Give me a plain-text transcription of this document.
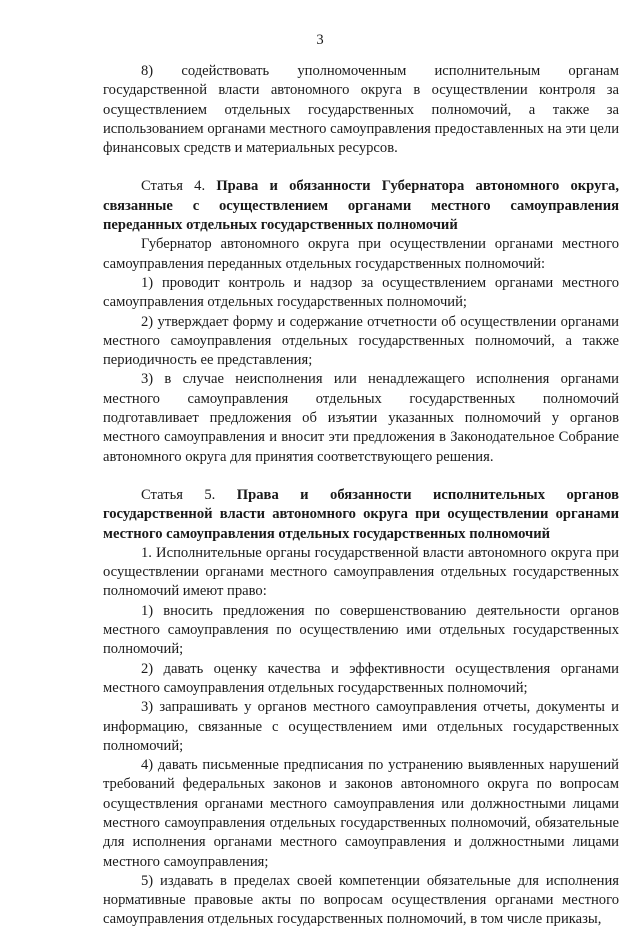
3

8) содействовать уполномоченным исполнительным органам государственной власти автономного округа в осуществлении контроля за осуществлением отдельных государственных полномочий, а также за использованием органами местного самоуправления предоставленных на эти цели финансовых средств и материальных ресурсов.

Статья 4. Права и обязанности Губернатора автономного округа, связанные с осуществлением органами местного самоуправления переданных отдельных государственных полномочий

Губернатор автономного округа при осуществлении органами местного самоуправления переданных отдельных государственных полномочий:

1) проводит контроль и надзор за осуществлением органами местного самоуправления отдельных государственных полномочий;

2) утверждает форму и содержание отчетности об осуществлении органами местного самоуправления отдельных государственных полномочий, а также периодичность ее представления;

3) в случае неисполнения или ненадлежащего исполнения органами местного самоуправления отдельных государственных полномочий подготавливает предложения об изъятии указанных полномочий у органов местного самоуправления и вносит эти предложения в Законодательное Собрание автономного округа для принятия соответствующего решения.

Статья 5. Права и обязанности исполнительных органов государственной власти автономного округа при осуществлении органами местного самоуправления отдельных государственных полномочий

1. Исполнительные органы государственной власти автономного округа при осуществлении органами местного самоуправления отдельных государственных полномочий имеют право:

1) вносить предложения по совершенствованию деятельности органов местного самоуправления по осуществлению ими отдельных государственных полномочий;

2) давать оценку качества и эффективности осуществления органами местного самоуправления отдельных государственных полномочий;

3) запрашивать у органов местного самоуправления отчеты, документы и информацию, связанные с осуществлением ими отдельных государственных полномочий;

4) давать письменные предписания по устранению выявленных нарушений требований федеральных законов и законов автономного округа по вопросам осуществления органами местного самоуправления или должностными лицами местного самоуправления отдельных государственных полномочий, обязательные для исполнения органами местного самоуправления и должностными лицами местного самоуправления;

5) издавать в пределах своей компетенции обязательные для исполнения нормативные правовые акты по вопросам осуществления органами местного самоуправления отдельных государственных полномочий, в том числе приказы,
